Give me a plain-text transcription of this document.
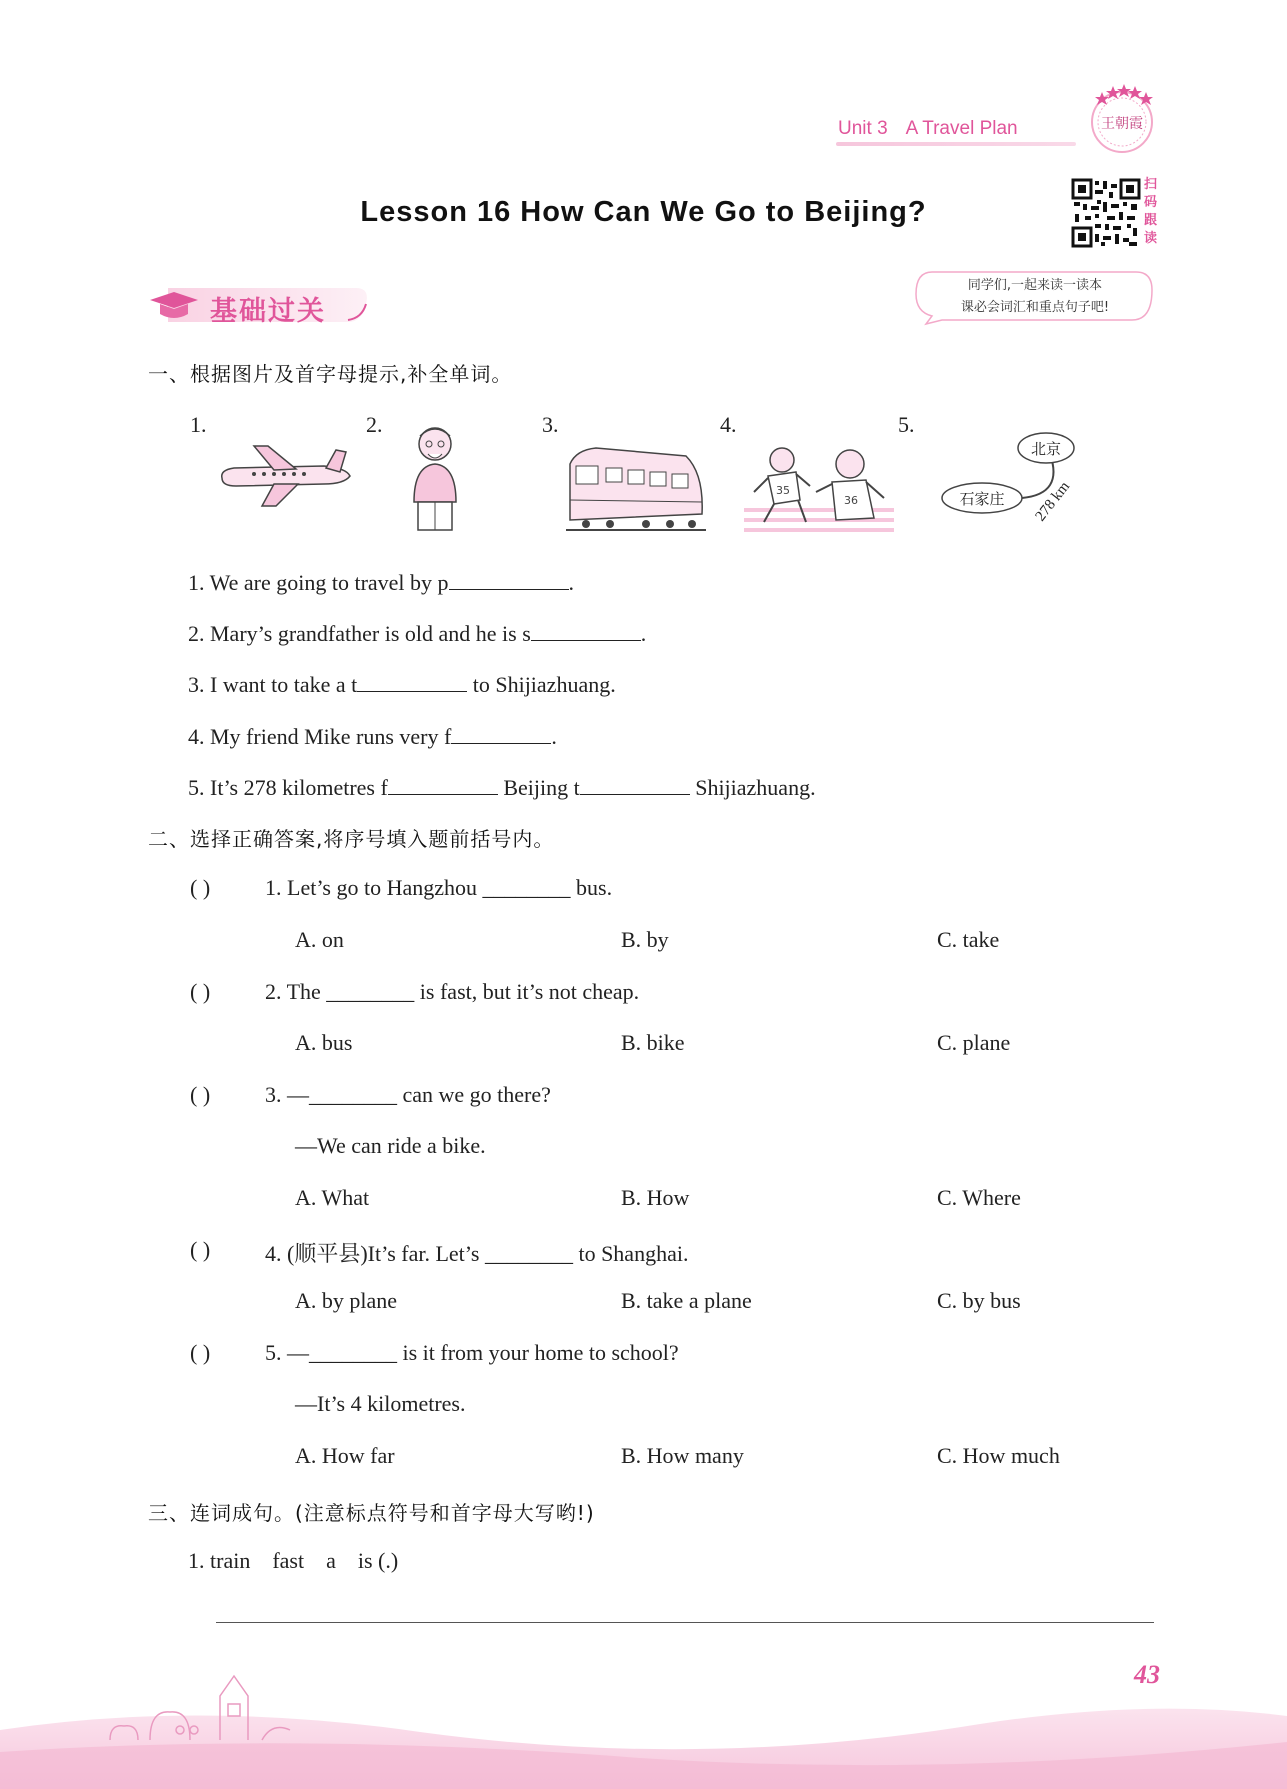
Unit 3 A Travel Plan	王朝霞
Lesson 16 How Can We Go to Beijing?
扫
码
跟
读
基础过关
同学们,一起来读一读本
课必会词汇和重点句子吧!
一、根据图片及首字母提示,补全单词。
1.	2.	3.	4.
35
36
5.
北京
石家庄 278 km
1. We are going to travel by p	.
2. Mary’s grandfather is old and he is s	.
3. I want to take a t	to Shijiazhuang.
4. My friend Mike runs very f	.
5. It’s 278 kilometres f	Beijing t	Shijiazhuang.
二、选择正确答案,将序号填入题前括号内。
( ) 1. Let’s go to Hangzhou ________ bus.
A. on	B. by	C. take
( ) 2. The ________ is fast, but it’s not cheap.
A. bus	B. bike	C. plane
( ) 3. —________ can we go there?
—We can ride a bike.
A. What	B. How	C. Where
( ) 4. (顺平县)It’s far. Let’s ________ to Shanghai.
A. by plane	B. take a plane	C. by bus
( ) 5. —________ is it from your home to school?
—It’s 4 kilometres.
A. How far	B. How many	C. How much
三、连词成句。(注意标点符号和首字母大写哟!)
1. train    fast    a    is (.)
43
